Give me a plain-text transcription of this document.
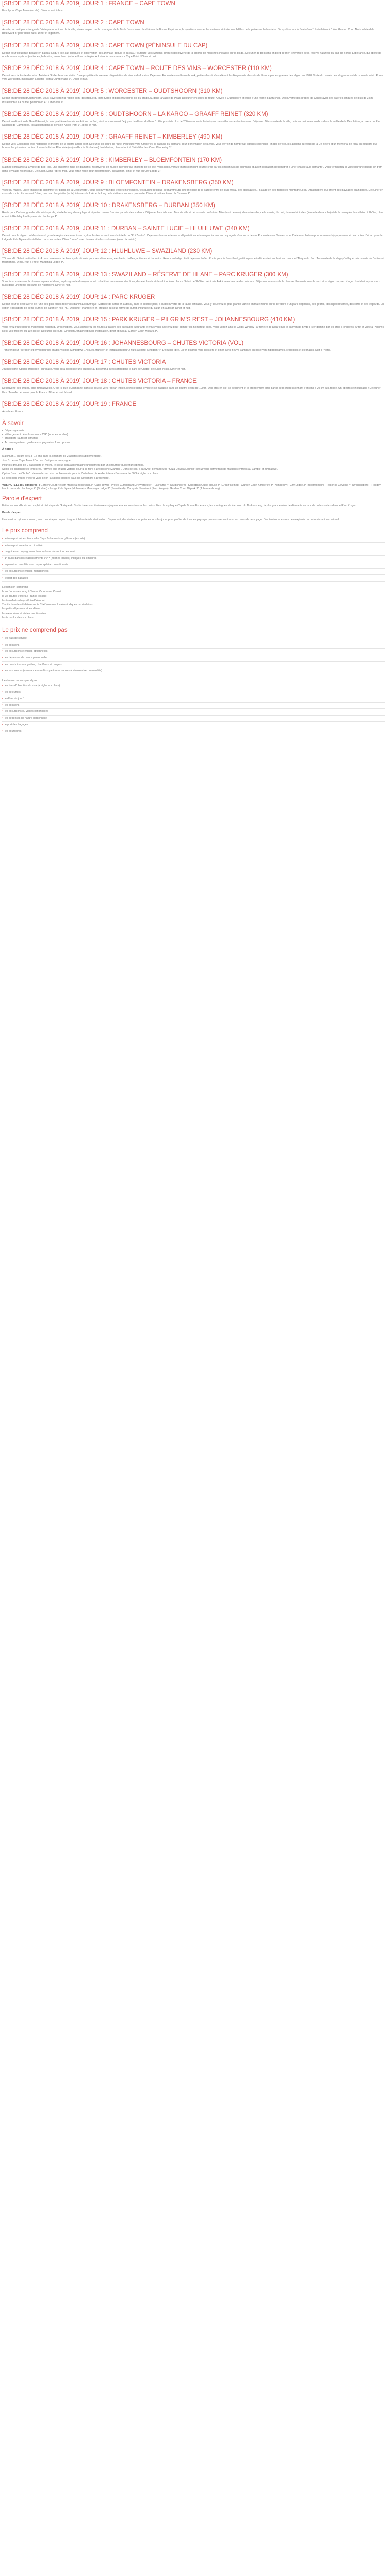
[SB:DE 28 DÉC 2018 À 2019] JOUR 1 : FRANCE – CAPE TOWN

Envol pour Cape Town (escale). Dîner et nuit à bord.

[SB:DE 28 DÉC 2018 À 2019] JOUR 2 : CAPE TOWN

Arrivée, accueil par votre guide. Visite panoramique de la ville, située au pied de la montagne de la Table. Vous verrez le château de Bonne Espérance, le quartier malais et les maisons victoriennes fidèles de la présence hollandaise. Temps libre sur le "waterfront". Installation à l'hôtel Garden Court Nelson Mandela Boulevard 3* pour deux nuits. Dîner et logement.

[SB:DE 28 DÉC 2018 À 2019] JOUR 3 : CAPE TOWN (PÉNINSULE DU CAP)

Départ pour Hout Bay. Balade en bateau jusqu'à l'île aux phoques et observation des animaux depuis le bateau. Poursuite vers Simon's Town et découverte de la colonie de manchots installée sur la plage. Déjeuner de poissons en bord de mer. Traversée de la réserve naturelle du cap de Bonne-Espérance, qui abrite de nombreuses espèces (antilopes, babouins, autruches...) et une flore protégée. Admirez le panorama sur Cape Point ! Dîner et nuit.

[SB:DE 28 DÉC 2018 À 2019] JOUR 4 : CAPE TOWN – ROUTE DES VINS – WORCESTER (110 KM)

Départ vers la Route des vins. Arrivée à Stellenbosch et visite d'une propriété viticole avec dégustation de vins sud-africains. Déjeuner. Poursuite vers Franschhoek, petite ville où s'installèrent les Huguenots chassés de France par les guerres de religion en 1688. Visite du musée des Huguenots et de son mémorial. Route vers Worcester. Installation à l'hôtel Protea Cumberland 3*. Dîner et nuit.

[SB:DE 28 DÉC 2018 À 2019] JOUR 5 : WORCESTER – OUDTSHOORN (310 KM)

Départ en direction d'Oudtshoorn. Vous traverserez la région semi-désertique du petit Karoo et passerez par le col du Tradouw, dans la vallée de Paarl. Déjeuner en cours de route. Arrivée à Oudtshoorn et visite d'une ferme d'autruches. Découverte des grottes de Cango avec ses galeries longues de plus de 3 km. Installation à La plume, pension en 4*. Dîner et nuit.

[SB:DE 28 DÉC 2018 À 2019] JOUR 6 : OUDTSHOORN – LA KAROO – GRAAFF REINET (320 KM)

Départ en direction de Graaff-Reinet, la vrie quatrième fondée en Afrique du Sud, dont le surnom est "le joyau du désert du Karoo". Elle possède plus de 200 monuments historiques merveilleusement entretenus. Déjeuner. Découverte de la ville, puis excursion en minibus dans la vallée de la Désolation, au cœur du Parc National de Camdeboo. Installation dans la pension Karoo Park 3*, dîner et nuit.

[SB:DE 28 DÉC 2018 À 2019] JOUR 7 : GRAAFF REINET – KIMBERLEY (490 KM)

Départ vers Colesberg, ville historique et théâtre de la guerre anglo-boer. Déjeuner en cours de route. Poursuite vers Kimberley, la capitale du diamant. Tour d'orientation de la ville. Vous verrez de nombreux édifices coloniaux : l'hôtel de ville, les anciens bureaux de la De Beers et un mémorial de roca en équilibre qui honore les pionniers partis coloniser la future Rhodésie (aujourd'hui le Zimbabwe). Installation, dîner et nuit à l'hôtel Garden Court Kimberley 3*.

[SB:DE 28 DÉC 2018 À 2019] JOUR 8 : KIMBERLEY – BLOEMFONTEIN (170 KM)

Matinée consacrée à la visite de Big Hole, une ancienne mine de diamants, reconvertie en musée interactif sur l'histoire de ce site. Vous découvrirez l'impressionnant gouffre créé par les chercheurs de diamants et aurez l'occasion de pénétrer à une "chasse aux diamants". Vous terminerez la visite par une balade en tram dans le village reconstitué. Déjeuner. Dans l'après-midi, vous ferez route pour Bloemfontein. Installation, dîner et nuit au City Lodge 3*.

[SB:DE 28 DÉC 2018 À 2019] JOUR 9 : BLOEMFONTEIN – DRAKENSBERG (350 KM)

Visite du musée, Entre "musée de l'Homme" et "palais de la Découverte", vous découvrirez des trésors incroyables, tels qu'une réplique de mammouth, une mélodie de la gazelle entre de plus niveau des dinosaures... Balade en des territoires montagneux du Drakensberg qui offrent des paysages grandioses. Déjeuner en cours de route. En arrivant l'hôtel, une marche guidée (facile) à travers la forêt et le long de la rivière vous sera proposée. Dîner et nuit au Resort la Caverne 4*.

[SB:DE 28 DÉC 2018 À 2019] JOUR 10 : DRAKENSBERG – DURBAN (350 KM)

Route pour Durban, grande ville subtropicale, située le long d'une plage et réputée comme l'un des paradis des surfeurs. Déjeuner face à la mer. Tour de ville et découverte du Golden Mile (front de mer), du centre-ville, de la mairie, du port, du marché indien (ferme le dimanche) et de la mosquée. Installation à l'hôtel, dîner et nuit à l'Holiday Inn Express de Umhlanga 4*.

[SB:DE 28 DÉC 2018 À 2019] JOUR 11 : DURBAN – SAINTE LUCIE – HLUHLUWE (340 KM)

Départ pour la région du Maputaland, grande région de canne à sucre, dont les terres sont sous la tutelle du "Roi Zoulou". Déjeuner dans une ferme et dégustation de fromages locaux accompagnés d'un verre de vin. Poursuite vers Sainte-Lucie. Balade en bateau pour observer hippopotames et crocodiles. Départ pour le lodge de Zulu Nyala et installation dans les tentes. Dîner "boma" avec danses tribales zoulouses (selon la météo).

[SB:DE 28 DÉC 2018 À 2019] JOUR 12 : HLUHLUWE – SWAZILAND (230 KM)

Tôt au café. Safari matinal en 4x4 dans la réserve de Zulu Nyala réputée pour ses rhinocéros, éléphants, buffles, antilopes et babouins. Retour au lodge. Petit déjeuner buffet. Route pour le Swaziland, petit royaume indépendant enclavé au cœur de l'Afrique du Sud. Traversée de la Happy Valley et découverte de l'artisanat traditionnel. Dîner. Nuit à l'hôtel Mantenga Lodge 3*.

[SB:DE 28 DÉC 2018 À 2019] JOUR 13 : SWAZILAND – RÉSERVE DE HLANE – PARC KRUGER (300 KM)

Vous ferez route vers la réserve royale de Hlane, la plus grande du royaume où cohabitent notamment des lions, des éléphants et des rhinocéros blancs. Safari de 2h30 en véhicule 4x4 à la recherche des animaux. Déjeuner au cœur de la réserve. Poursuite vers le nord et la région du parc Kruger. Installation pour deux nuits dans une tente au camp de Nkambeni. Dîner et nuit.

[SB:DE 28 DÉC 2018 À 2019] JOUR 14 : PARC KRUGER

Départ pour la découverte de l'une des plus riches réserves d'animaux d'Afrique. Matinée de safari en autocar, dans le célèbre parc, à la découverte de la faune africaine. Vous y trouverez la plus grande variété animale réunie sur le territoire d'un parc éléphants, des girafes, des hippopotames, des lions et des léopards. En option : possibilité de demi-journée de safari en 4x4 (*$). Déjeuner champêtre en brousse ou sous forme de buffet. Poursuite du safari en autocar. Dîner et nuit.

[SB:DE 28 DÉC 2018 À 2019] JOUR 15 : PARK KRUGER – PILGRIM'S REST – JOHANNESBOURG (410 KM)

Vous ferez route pour la magnifique région du Drakensberg. Vous admirerez les routes à travers des paysages luxuriants et vous vous arrêterez pour admirer les nombreux sites. Vous verrez ainsi le God's Window (la "fenêtre de Dieu") puis le canyon de Blyde River dominé par les Trois Rondavels. Arrêt et visite à Pilgrim's Rest, ville minière du 19e siècle. Déjeuner en route. Direction Johannesbourg. Installation, dîner et nuit au Garden Court Milpark 3*.

[SB:DE 28 DÉC 2018 À 2019] JOUR 16 : JOHANNESBOURG – CHUTES VICTORIA (VOL)

Transfert pour l'aéroport et envol pour les chutes Victoria (Zimbabwe). Accueil, transfert et installation pour 2 nuits à l'hôtel Kingdom 4*. Déjeuner libre. En fin d'après-midi, croisière et dîner sur le fleuve Zambèze en observant hippopotames, crocodiles et éléphants. Nuit à l'hôtel.

[SB:DE 28 DÉC 2018 À 2019] JOUR 17 : CHUTES VICTORIA

Journée libre. Option proposée : sur place, vous sera proposée une journée au Botswana avec safari dans le parc de Chobe, déjeuner inclus. Dîner et nuit.

[SB:DE 28 DÉC 2018 À 2019] JOUR 18 : CHUTES VICTORIA – FRANCE

Découverte des chutes, côté zimbabwéen. C'est ici que le Zambèze, dans sa course vers l'océan Indien, rétrécie dans le vide et se fracasse dans un gouffre géant de 100 m. Des arcs-en-ciel se dessinent et le grondement émis par le débit impressionnant s'entend à 20 km à la ronde. Un spectacle inoubliable ! Déjeuner libre. Transfert et envol pour la France. Dîner et nuit à bord.

[SB:DE 28 DÉC 2018 À 2019] JOUR 19 : FRANCE

Arrivée en France.

À savoir
• Départs garantis
• Hébergement : établissements 3*/4* (normes locales)
• Transport : autocar climatisé
• Accompagnateur : guide accompagnateur francophone

À noter :

Maximum 1 enfant de 5 à -12 ans dans la chambre de 2 adultes (lit supplémentaire).
Jour 3 : le vol Cape Town / Durban n'est pas accompagné.
Pour les groupes de 9 passagers et moins, le circuit sera accompagné uniquement par un chauffeur-guide francophone.
Selon les disponibilités terrestres, l'arrivée aux chutes Victoria pourra se faire à Livingstone (Zambie). Dans ce cas, à l'arrivée, demandez le "Kaza Univisa Launch" (50 $) vous permettant de multiples entrées au Zambie et Zimbabwe.
Option "parc de Chobe" : demandez un visa double entrée pour le Zimbabwe ; taxe d'entrée au Botswana de 30 $ à régler sur place.
Le débit des chutes Victoria varie selon la saison (basses eaux de Novembre à Décembre).

VOS HOTELS (ou similaires) : Garden Court Nelson Mandela Boulevard 3* (Cape Town) - Protea Cumberland 3* (Worcester) - La Plume 4* (Oudtshoorn) - Karoopark Guest House 3* (Graaff-Reinet) - Garden Court Kimberley 3* (Kimberley) - City Lodge 3* (Bloemfontein) - Resort la Caverne 4* (Drakensberg) - Holiday Inn Express de Umhlanga 4* (Durban) - Lodge Zulu Nyala (Hluhluwe) - Mantenga Lodge 3* (Swaziland) - Camp de Nkambeni (Parc Kruger) - Garden Court Milpark 3* (Johannesbourg)

Parole d'expert

Faites un tour d'horizon complet et historique de l'Afrique du Sud à travers un itinéraire conjuguant étapes incontournables ou insolites : la mythique Cap de Bonne Espérance, les montagnes du Karoo ou du Drakensberg, la plus grande mine de diamants au monde ou les safaris dans le Parc Kruger...

Parole d'expert

Un circuit au rythme soutenu, avec des étapes un peu longue, inhérente à la destination. Cependant, des visites sont prévues tous les jours pour profiter de tous les paysage que vous rencontrerez au cours de ce voyage. Des territoires encore peu explorés par le tourisme international.

Le prix comprend
• le transport aérien France/Le Cap - Johannesbourg/France (escale)
• le transport en autocar climatisé
• un guide accompagnateur francophone durant tout le circuit
• 14 nuits dans les établissements 3*/4* (normes locales) indiqués ou similaires
• la pension complète avec repas spéciaux mentionnés
• les excursions et visites mentionnées
• le port des bagages
L'extension comprend :
le vol Johannesbourg / Chutes Victoria sur Comair
le vol chutes Victoria / France (escale)
les transferts aéroport/hôtel/aéroport
2 nuits dans les établissements 3*/4* (normes locales) indiqués ou similaires
les petits déjeuners et les dîners
les excursions et visites mentionnées
les taxes locales sur place
Le prix ne comprend pas
• les frais de service
• les boissons
• les excursions et visites optionnelles
• les dépenses de nature personnelle
• les pourboires aux guides, chauffeurs et rangers
• les assurances (assurance + multirisque toutes causes + vivement recommandée)
L'extension ne comprend pas :
• les frais d'obtention du visa (à régler sur place)
• les déjeuners
• le dîner du jour 1
• les boissons
• les excursions ou visites optionnelles
• les dépenses de nature personnelle
• le port des bagages
• les pourboires
